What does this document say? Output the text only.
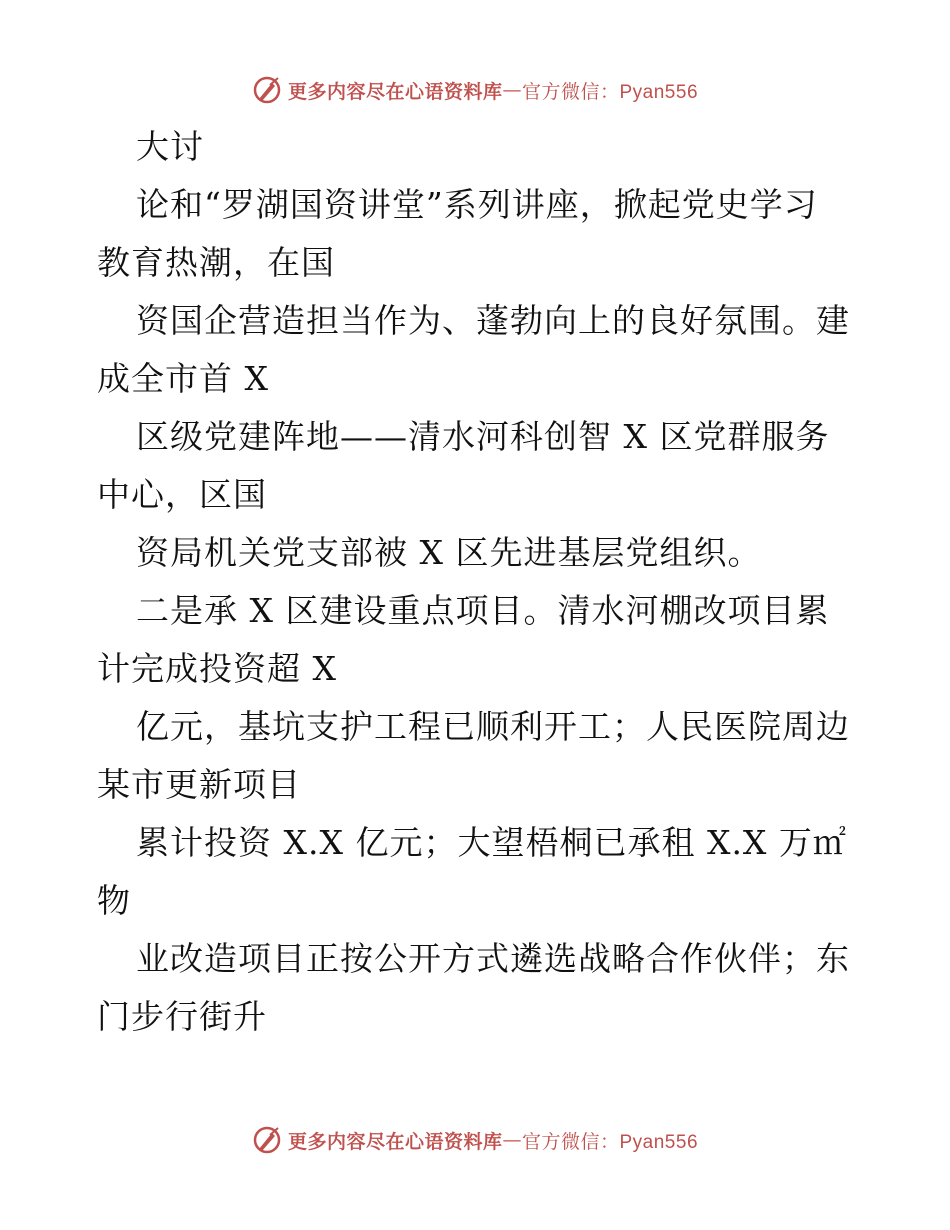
更多内容尽在心语资料库 — 官方微信：Pyan556
大讨
论和“罗湖国资讲堂”系列讲座，掀起党史学习
教育热潮，在国
资国企营造担当作为、蓬勃向上的良好氛围。建
成全市首 X
区级党建阵地——清水河科创智 X 区党群服务
中心，区国
资局机关党支部被 X 区先进基层党组织。
二是承 X 区建设重点项目。清水河棚改项目累
计完成投资超 X
亿元，基坑支护工程已顺利开工；人民医院周边
某市更新项目
累计投资 X.X 亿元；大望梧桐已承租 X.X 万㎡
物
业改造项目正按公开方式遴选战略合作伙伴；东
门步行街升
更多内容尽在心语资料库 — 官方微信：Pyan556
